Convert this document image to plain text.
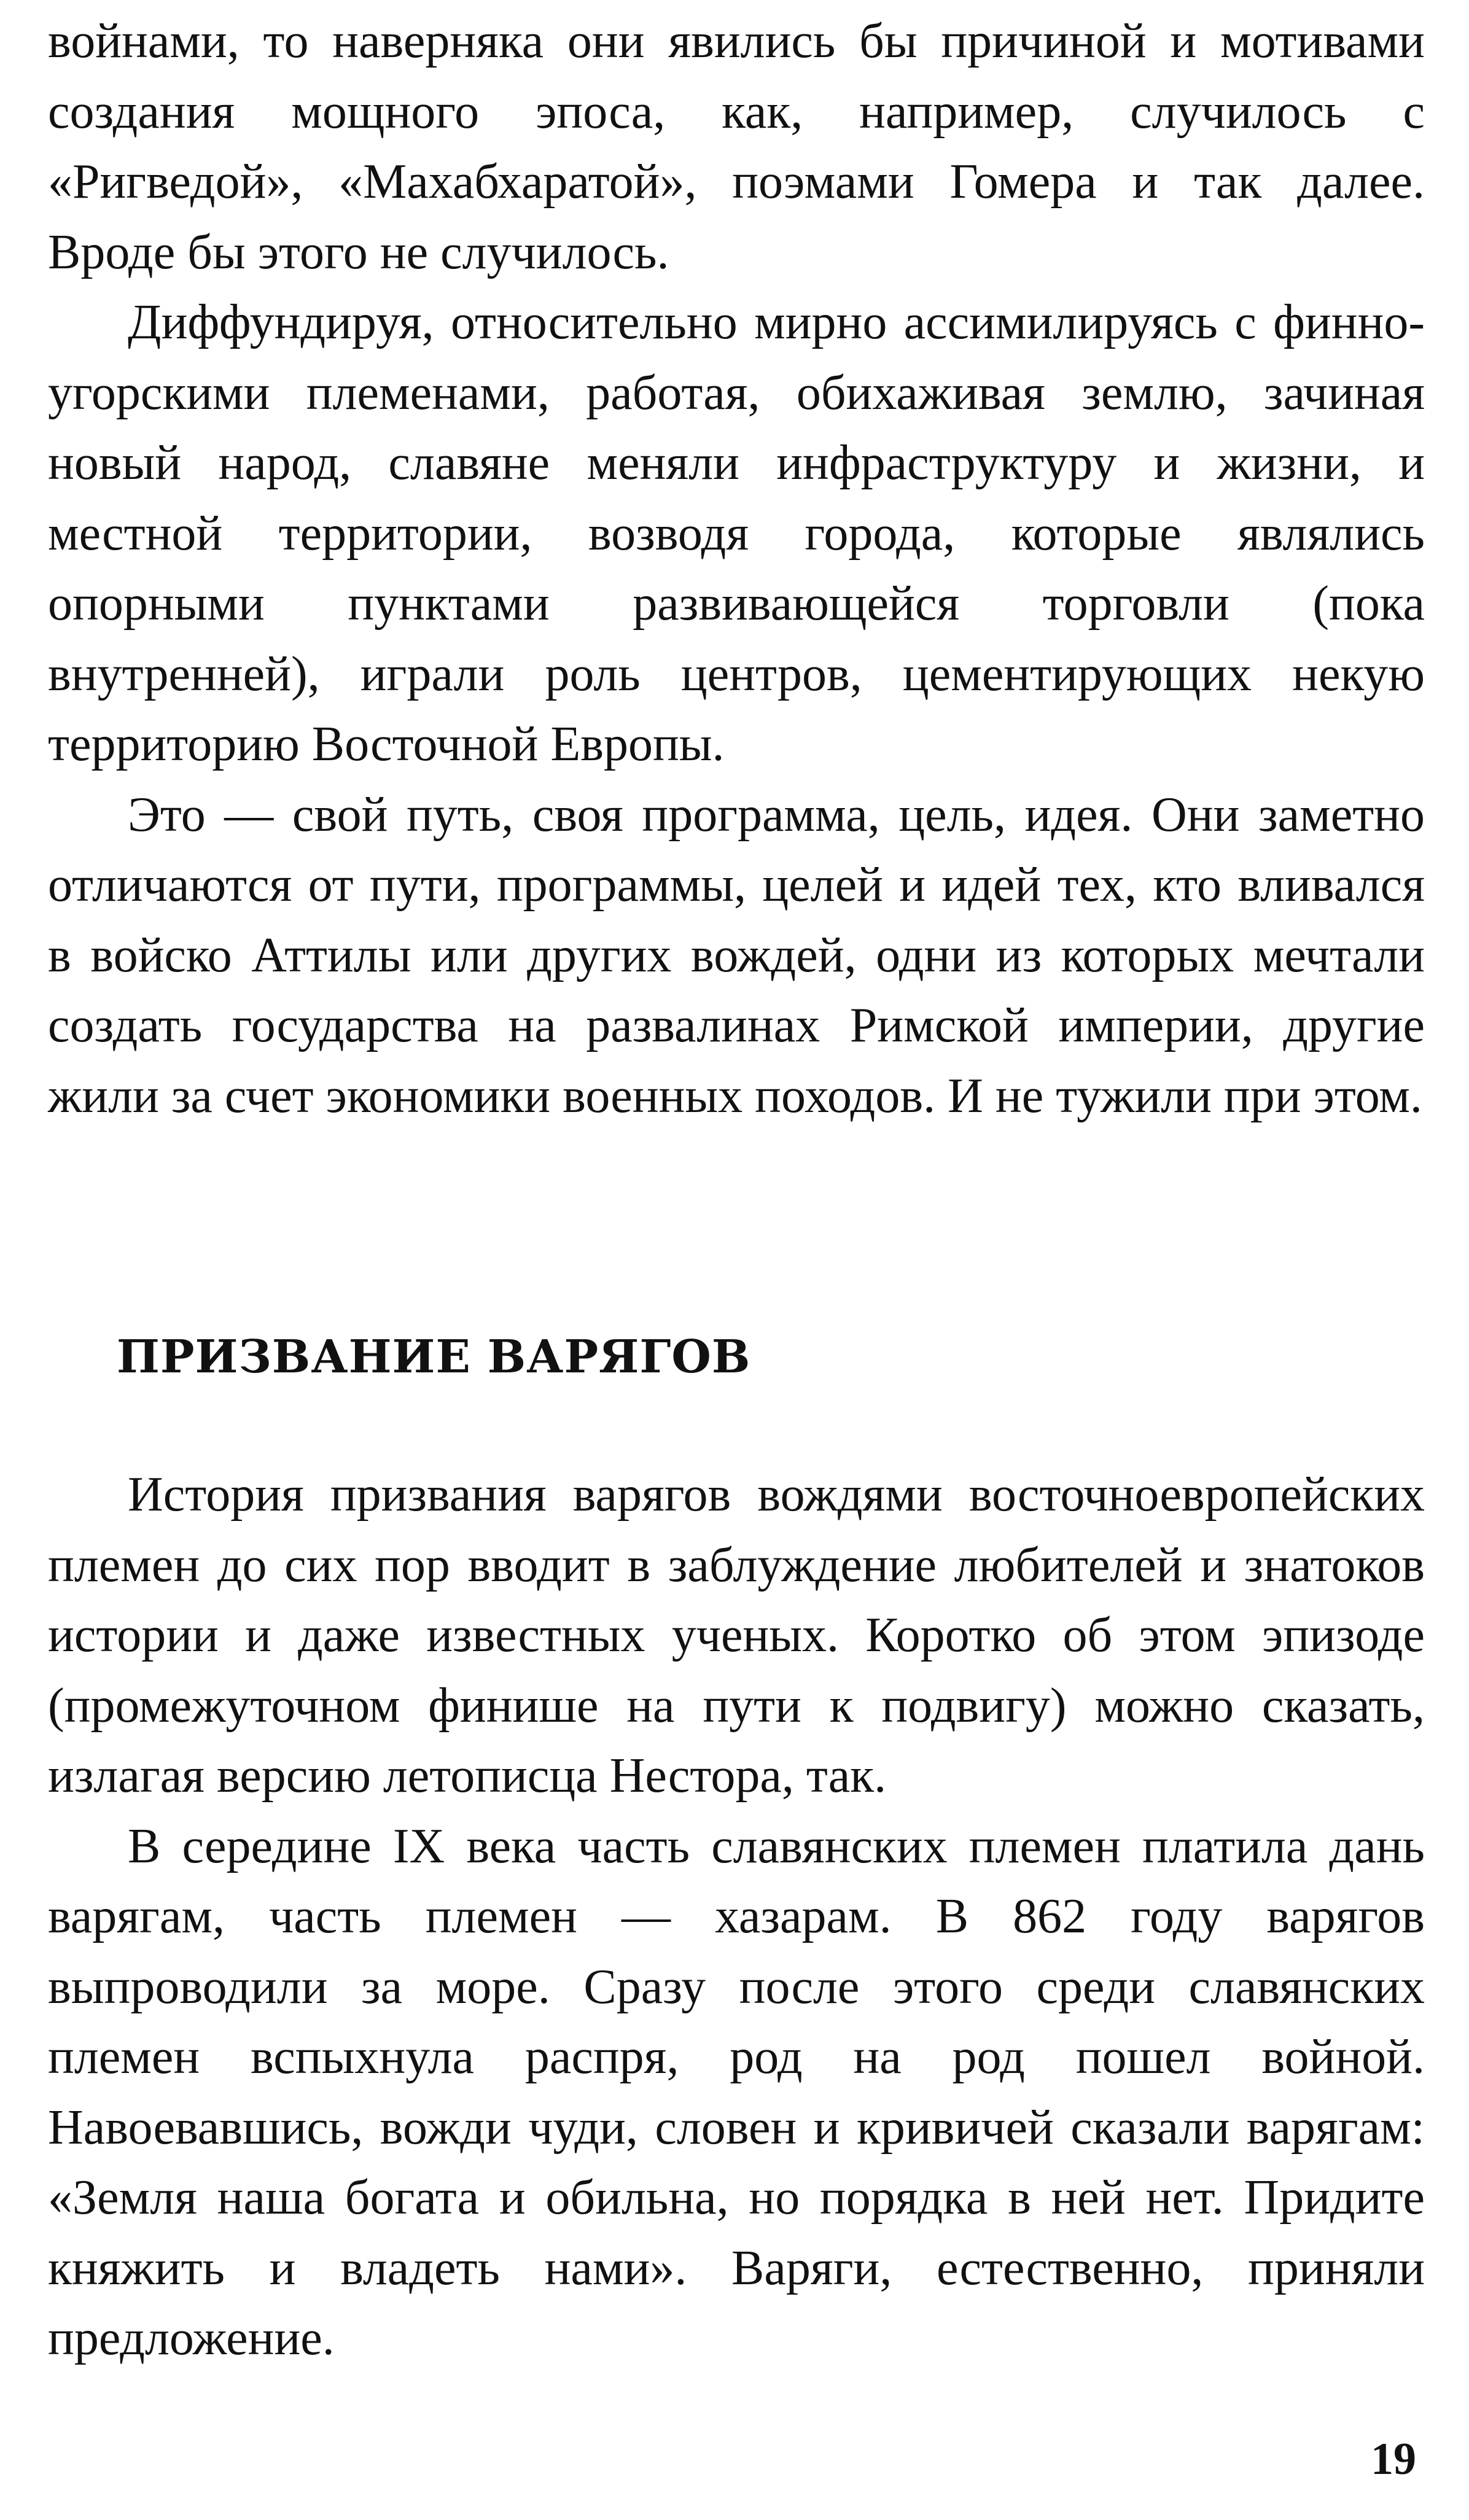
войнами, то наверняка они явились бы причиной и мотивами создания мощного эпоса, как, например, случилось с «Ригведой», «Махабхаратой», поэмами Гомера и так далее. Вроде бы этого не случилось.

Диффундируя, относительно мирно ассимилируясь с финно-угорскими племенами, работая, обихаживая землю, зачиная новый народ, славяне меняли инфраструктуру и жизни, и местной территории, возводя города, которые являлись опорными пунктами развивающейся торговли (пока внутренней), играли роль центров, цементирующих некую территорию Восточной Европы.

Это — свой путь, своя программа, цель, идея. Они заметно отличаются от пути, программы, целей и идей тех, кто вливался в войско Аттилы или других вождей, одни из которых мечтали создать государства на развалинах Римской империи, другие жили за счет экономики военных походов. И не тужили при этом.

ПРИЗВАНИЕ ВАРЯГОВ

История призвания варягов вождями восточноевропейских племен до сих пор вводит в заблуждение любителей и знатоков истории и даже известных ученых. Коротко об этом эпизоде (промежуточном финише на пути к подвигу) можно сказать, излагая версию летописца Нестора, так.

В середине IX века часть славянских племен платила дань варягам, часть племен — хазарам. В 862 году варягов выпроводили за море. Сразу после этого среди славянских племен вспыхнула распря, род на род пошел войной. Навоевавшись, вожди чуди, словен и кривичей сказали варягам: «Земля наша богата и обильна, но порядка в ней нет. Придите княжить и владеть нами». Варяги, естественно, приняли предложение.

19
